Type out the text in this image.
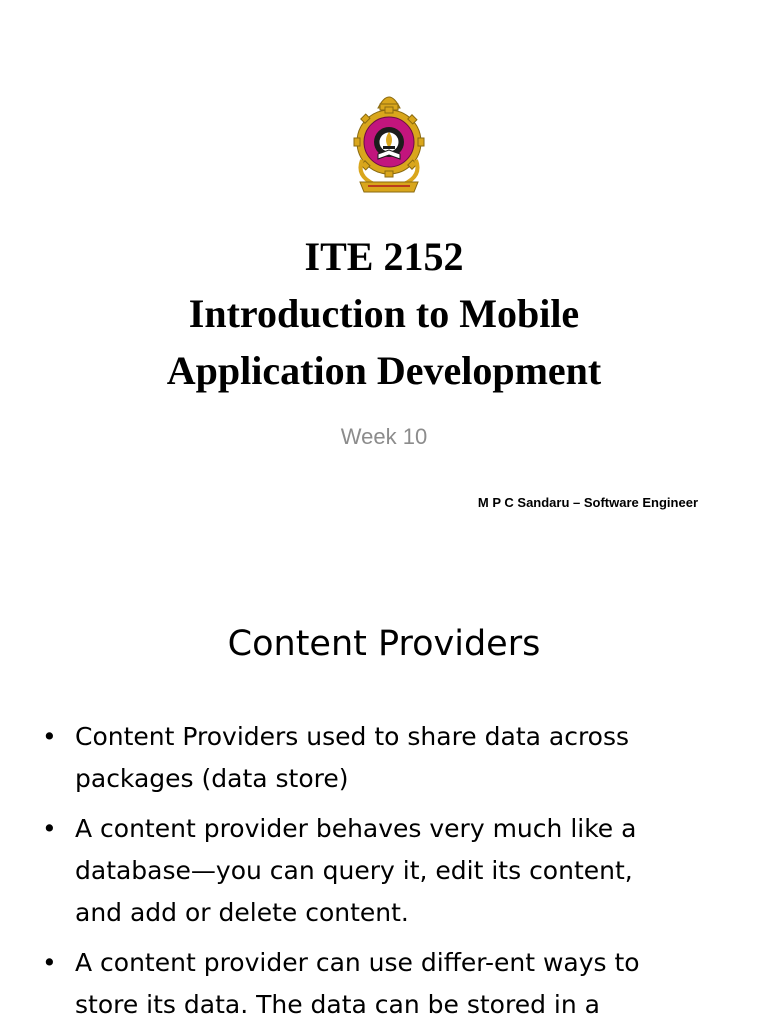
ITE 2152
Introduction to Mobile
Application Development
Week 10
M P C Sandaru – Software Engineer
Content Providers
• Content Providers used to share data across
packages (data store)
• A content provider behaves very much like a
database—you can query it, edit its content,
and add or delete content.
• A content provider can use differ-ent ways to
store its data. The data can be stored in a
